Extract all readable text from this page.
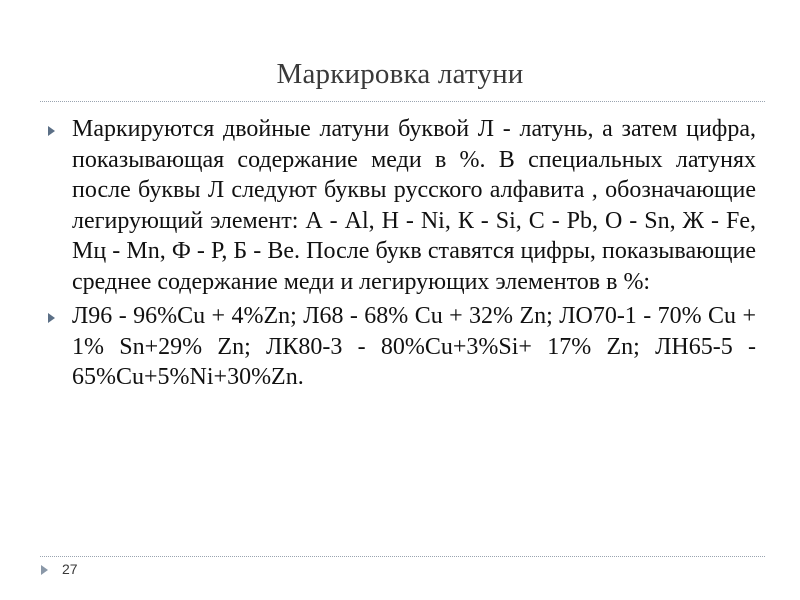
Маркировка латуни
Маркируются двойные латуни буквой Л - латунь, а затем цифра, показывающая содержание меди в %. В специальных латунях после буквы Л следуют буквы русского алфавита , обозначающие легирующий элемент: А - Al, Н - Ni, К - Si, С - Pb, О - Sn, Ж - Fe, Мц - Mn, Ф - Р, Б - Ве. После букв ставятся цифры, показывающие среднее содержание меди и легирующих элементов в %:
Л96 - 96%Cu + 4%Zn; Л68 - 68% Cu + 32% Zn; ЛО70-1 - 70% Cu + 1% Sn+29% Zn; ЛК80-3 - 80%Cu+3%Si+ 17% Zn; ЛН65-5 - 65%Cu+5%Ni+30%Zn.
27
